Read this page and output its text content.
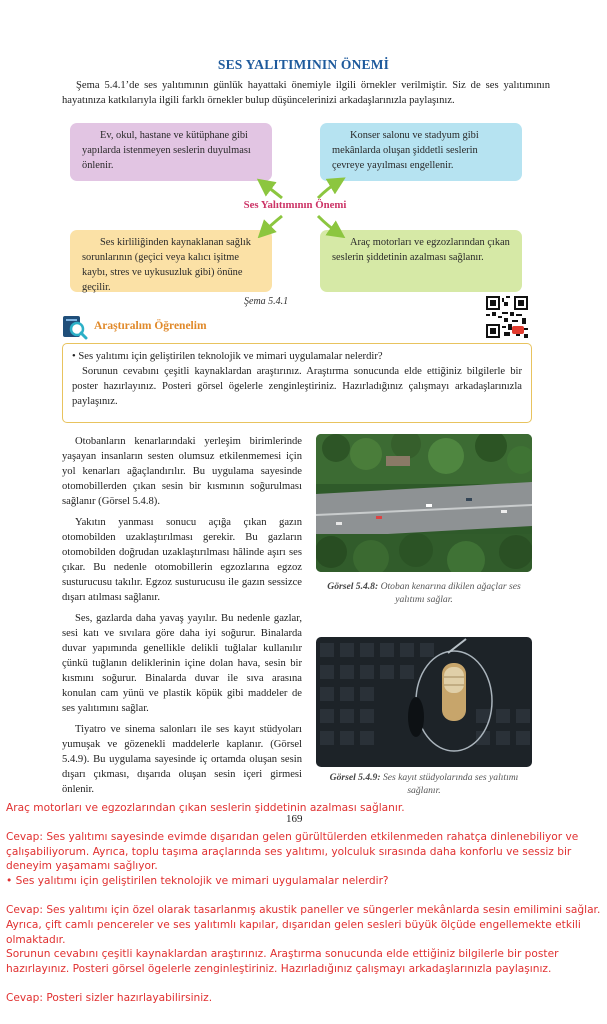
SES YALITIMININ ÖNEMİ
Şema 5.4.1’de ses yalıtımının günlük hayattaki önemiyle ilgili örnekler verilmiştir. Siz de ses yalıtımının hayatınıza katkılarıyla ilgili farklı örnekler bulup düşüncelerinizi arkadaşlarınızla paylaşınız.
Ev, okul, hastane ve kütüphane gibi yapılarda istenmeyen seslerin duyulması önlenir.
Konser salonu ve stadyum gibi mekânlarda oluşan şiddetli seslerin çevreye yayılması engellenir.
Ses kirliliğinden kaynaklanan sağlık sorunlarının (geçici veya kalıcı işitme kaybı, stres ve uykusuzluk gibi) önüne geçilir.
Araç motorları ve egzozlarından çıkan seslerin şiddetinin azalması sağlanır.
Ses Yalıtımının Önemi
Şema 5.4.1
Araştıralım Öğrenelim

• Ses yalıtımı için geliştirilen teknolojik ve mimari uygulamalar nelerdir?

Sorunun cevabını çeşitli kaynaklardan araştırınız. Araştırma sonucunda elde ettiğiniz bilgilerle bir poster hazırlayınız. Posteri görsel ögelerle zenginleştiriniz. Hazırladığınız çalışmayı arkadaşlarınızla paylaşınız.

Otobanların kenarlarındaki yerleşim birimlerinde yaşayan insanların sesten olumsuz etkilenmemesi için yol kenarları ağaçlandırılır. Bu uygulama sayesinde otomobillerden çıkan sesin bir kısmının soğurulması sağlanır (Görsel 5.4.8).

Yakıtın yanması sonucu açığa çıkan gazın otomobilden uzaklaştırılması gerekir. Bu gazların otomobilden doğrudan uzaklaştırılması hâlinde aşırı ses çıkar. Bu nedenle otomobillerin egzozlarına egzoz susturucusu takılır. Egzoz susturucusu ile gazın sessizce dışarı atılması sağlanır.

Ses, gazlarda daha yavaş yayılır. Bu nedenle gazlar, sesi katı ve sıvılara göre daha iyi soğurur. Binalarda duvar yapımında genellikle delikli tuğlalar kullanılır çünkü tuğlanın deliklerinin içine dolan hava, sesin bir kısmını soğurur. Binalarda duvar ile sıva arasına konulan cam yünü ve plastik köpük gibi maddeler de ses yalıtımını sağlar.

Tiyatro ve sinema salonları ile ses kayıt stüdyoları yumuşak ve gözenekli maddelerle kaplanır. (Görsel 5.4.9). Bu uygulama sayesinde iç ortamda oluşan sesin dışarı çıkması, dışarıda oluşan sesin içeri girmesi önlenir.

Görsel 5.4.8: Otoban kenarına dikilen ağaçlar ses yalıtımı sağlar.
Görsel 5.4.9: Ses kayıt stüdyolarında ses yalıtımı sağlanır.
169

Araç motorları ve egzozlarından çıkan seslerin şiddetinin azalması sağlanır.

Cevap: Ses yalıtımı sayesinde evimde dışarıdan gelen gürültülerden etkilenmeden rahatça dinlenebiliyor ve çalışabiliyorum. Ayrıca, toplu taşıma araçlarında ses yalıtımı, yolculuk sırasında daha konforlu ve sessiz bir deneyim yaşamamı sağlıyor.

• Ses yalıtımı için geliştirilen teknolojik ve mimari uygulamalar nelerdir?

Cevap: Ses yalıtımı için özel olarak tasarlanmış akustik paneller ve süngerler mekânlarda sesin emilimini sağlar. Ayrıca, çift camlı pencereler ve ses yalıtımlı kapılar, dışarıdan gelen sesleri büyük ölçüde engellemekte etkili olmaktadır.

Sorunun cevabını çeşitli kaynaklardan araştırınız. Araştırma sonucunda elde ettiğiniz bilgilerle bir poster hazırlayınız. Posteri görsel ögelerle zenginleştiriniz. Hazırladığınız çalışmayı arkadaşlarınızla paylaşınız.

Cevap: Posteri sizler hazırlayabilirsiniz.
